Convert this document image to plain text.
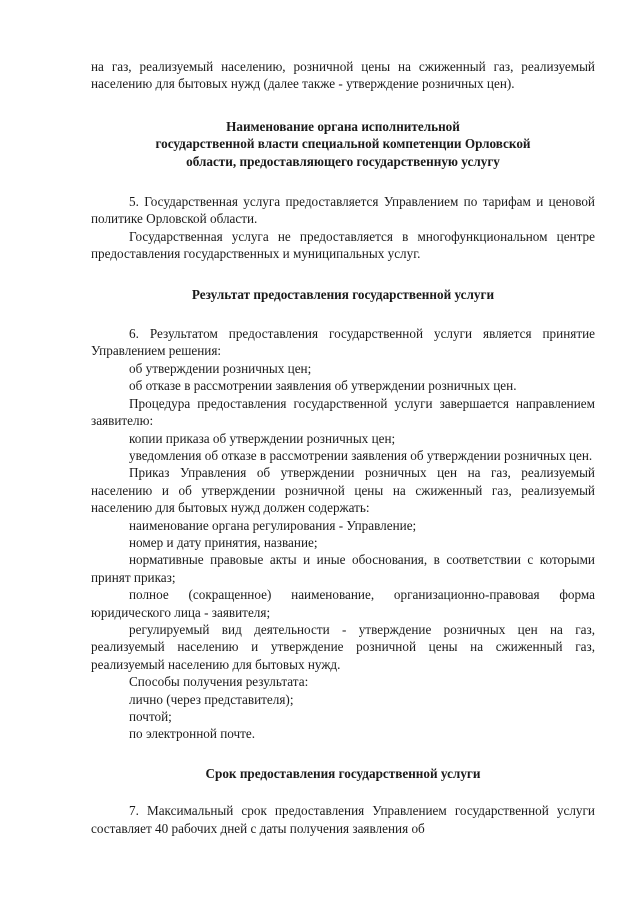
на газ, реализуемый населению, розничной цены на сжиженный газ, реализуемый населению для бытовых нужд (далее также - утверждение розничных цен).

Наименование органа исполнительной
государственной власти специальной компетенции Орловской
области, предоставляющего государственную услугу

5. Государственная услуга предоставляется Управлением по тарифам и ценовой политике Орловской области.

Государственная услуга не предоставляется в многофункциональном центре предоставления государственных и муниципальных услуг.

Результат предоставления государственной услуги

6. Результатом предоставления государственной услуги является принятие Управлением решения:

об утверждении розничных цен;

об отказе в рассмотрении заявления об утверждении розничных цен.

Процедура предоставления государственной услуги завершается направлением заявителю:

копии приказа об утверждении розничных цен;

уведомления об отказе в рассмотрении заявления об утверждении розничных цен.

Приказ Управления об утверждении розничных цен на газ, реализуемый населению и об утверждении розничной цены на сжиженный газ, реализуемый населению для бытовых нужд должен содержать:

наименование органа регулирования - Управление;

номер и дату принятия, название;

нормативные правовые акты и иные обоснования, в соответствии с которыми принят приказ;

полное (сокращенное) наименование, организационно-правовая форма юридического лица - заявителя;

регулируемый вид деятельности - утверждение розничных цен на газ, реализуемый населению и утверждение розничной цены на сжиженный газ, реализуемый населению для бытовых нужд.

Способы получения результата:

лично (через представителя);

почтой;

по электронной почте.

Срок предоставления государственной услуги

7. Максимальный срок предоставления Управлением государственной услуги составляет 40 рабочих дней с даты получения заявления об
